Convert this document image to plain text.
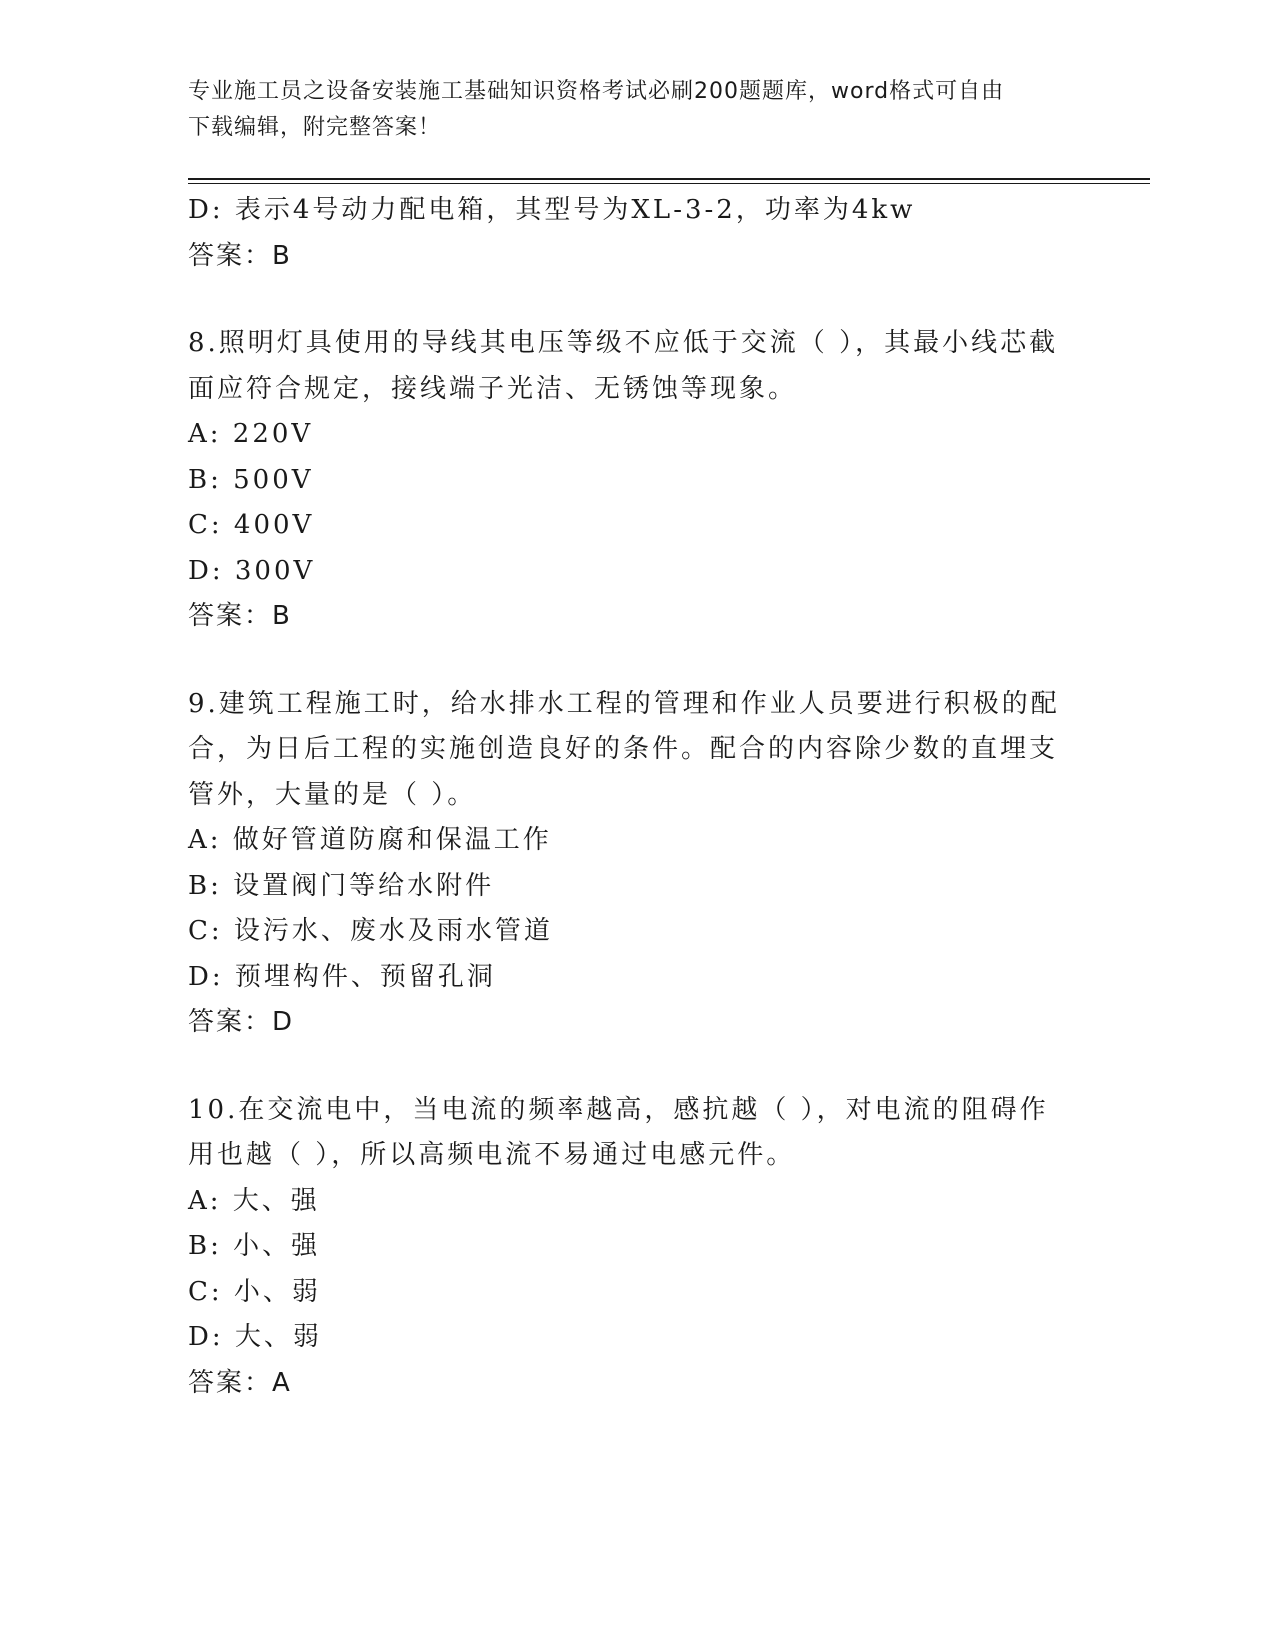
专业施工员之设备安装施工基础知识资格考试必刷200题题库，word格式可自由
下载编辑，附完整答案！
D: 表示4号动力配电箱，其型号为XL-3-2，功率为4kw
答案：B
8.照明灯具使用的导线其电压等级不应低于交流（ ），其最小线芯截
面应符合规定，接线端子光洁、无锈蚀等现象。
A: 220V
B: 500V
C: 400V
D: 300V
答案：B
9.建筑工程施工时，给水排水工程的管理和作业人员要进行积极的配
合，为日后工程的实施创造良好的条件。配合的内容除少数的直埋支
管外，大量的是（ ）。
A: 做好管道防腐和保温工作
B: 设置阀门等给水附件
C: 设污水、废水及雨水管道
D: 预埋构件、预留孔洞
答案：D
10.在交流电中，当电流的频率越高，感抗越（ ），对电流的阻碍作
用也越（ ），所以高频电流不易通过电感元件。
A: 大、强
B: 小、强
C: 小、弱
D: 大、弱
答案：A
